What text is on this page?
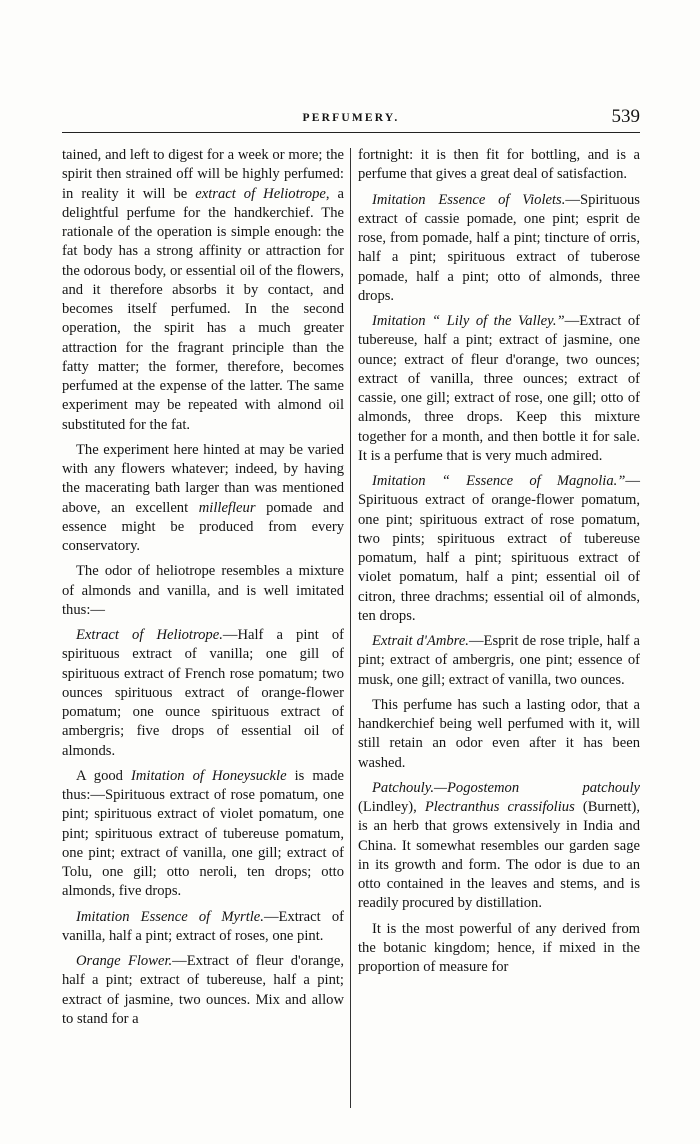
PERFUMERY.	539

tained, and left to digest for a week or more; the spirit then strained off will be highly perfumed: in reality it will be extract of Heliotrope, a delightful perfume for the handkerchief. The rationale of the operation is simple enough: the fat body has a strong affinity or attraction for the odorous body, or essential oil of the flowers, and it therefore absorbs it by contact, and becomes itself perfumed. In the second operation, the spirit has a much greater attraction for the fragrant principle than the fatty matter; the former, therefore, becomes perfumed at the expense of the latter. The same experiment may be repeated with almond oil substituted for the fat.

The experiment here hinted at may be varied with any flowers whatever; indeed, by having the macerating bath larger than was mentioned above, an excellent millefleur pomade and essence might be produced from every conservatory.

The odor of heliotrope resembles a mixture of almonds and vanilla, and is well imitated thus:—

Extract of Heliotrope.—Half a pint of spirituous extract of vanilla; one gill of spirituous extract of French rose pomatum; two ounces spirituous extract of orange-flower pomatum; one ounce spirituous extract of ambergris; five drops of essential oil of almonds.

A good Imitation of Honeysuckle is made thus:—Spirituous extract of rose pomatum, one pint; spirituous extract of violet pomatum, one pint; spirituous extract of tubereuse pomatum, one pint; extract of vanilla, one gill; extract of Tolu, one gill; otto neroli, ten drops; otto almonds, five drops.

Imitation Essence of Myrtle.—Extract of vanilla, half a pint; extract of roses, one pint.

Orange Flower.—Extract of fleur d'orange, half a pint; extract of tubereuse, half a pint; extract of jasmine, two ounces. Mix and allow to stand for a

fortnight: it is then fit for bottling, and is a perfume that gives a great deal of satisfaction.

Imitation Essence of Violets.—Spirituous extract of cassie pomade, one pint; esprit de rose, from pomade, half a pint; tincture of orris, half a pint; spirituous extract of tuberose pomade, half a pint; otto of almonds, three drops.

Imitation “ Lily of the Valley.”—Extract of tubereuse, half a pint; extract of jasmine, one ounce; extract of fleur d'orange, two ounces; extract of vanilla, three ounces; extract of cassie, one gill; extract of rose, one gill; otto of almonds, three drops. Keep this mixture together for a month, and then bottle it for sale. It is a perfume that is very much admired.

Imitation “ Essence of Magnolia.”—Spirituous extract of orange-flower pomatum, one pint; spirituous extract of rose pomatum, two pints; spirituous extract of tubereuse pomatum, half a pint; spirituous extract of violet pomatum, half a pint; essential oil of citron, three drachms; essential oil of almonds, ten drops.

Extrait d'Ambre.—Esprit de rose triple, half a pint; extract of ambergris, one pint; essence of musk, one gill; extract of vanilla, two ounces.

This perfume has such a lasting odor, that a handkerchief being well perfumed with it, will still retain an odor even after it has been washed.

Patchouly.—Pogostemon patchouly (Lindley), Plectranthus crassifolius (Burnett), is an herb that grows extensively in India and China. It somewhat resembles our garden sage in its growth and form. The odor is due to an otto contained in the leaves and stems, and is readily procured by distillation.

It is the most powerful of any derived from the botanic kingdom; hence, if mixed in the proportion of measure for
